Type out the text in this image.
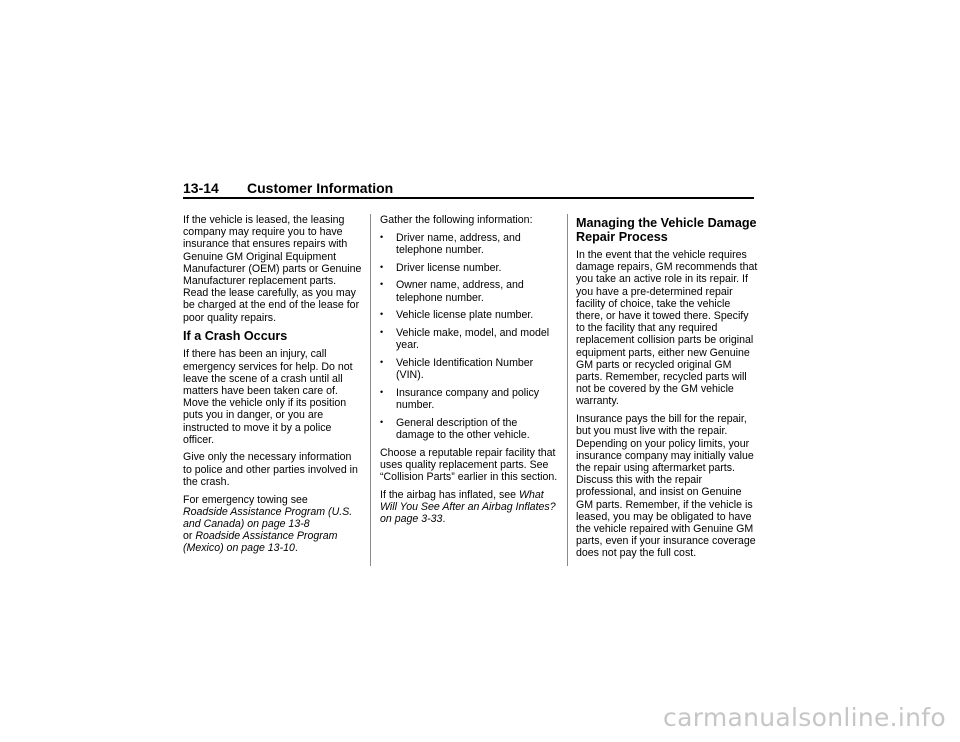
13-14 Customer Information

If the vehicle is leased, the leasing company may require you to have insurance that ensures repairs with Genuine GM Original Equipment Manufacturer (OEM) parts or Genuine Manufacturer replacement parts. Read the lease carefully, as you may be charged at the end of the lease for poor quality repairs.

If a Crash Occurs

If there has been an injury, call emergency services for help. Do not leave the scene of a crash until all matters have been taken care of. Move the vehicle only if its position puts you in danger, or you are instructed to move it by a police officer.

Give only the necessary information to police and other parties involved in the crash.

For emergency towing see
Roadside Assistance Program (U.S. and Canada) on page 13-8
or Roadside Assistance Program (Mexico) on page 13-10.

Gather the following information:

• Driver name, address, and telephone number.
• Driver license number.
• Owner name, address, and telephone number.
• Vehicle license plate number.
• Vehicle make, model, and model year.
• Vehicle Identification Number (VIN).
• Insurance company and policy number.
• General description of the damage to the other vehicle.

Choose a reputable repair facility that uses quality replacement parts. See “Collision Parts” earlier in this section.

If the airbag has inflated, see What Will You See After an Airbag Inflates? on page 3-33.

Managing the Vehicle Damage Repair Process

In the event that the vehicle requires damage repairs, GM recommends that you take an active role in its repair. If you have a pre-determined repair facility of choice, take the vehicle there, or have it towed there. Specify to the facility that any required replacement collision parts be original equipment parts, either new Genuine GM parts or recycled original GM parts. Remember, recycled parts will not be covered by the GM vehicle warranty.

Insurance pays the bill for the repair, but you must live with the repair. Depending on your policy limits, your insurance company may initially value the repair using aftermarket parts. Discuss this with the repair professional, and insist on Genuine GM parts. Remember, if the vehicle is leased, you may be obligated to have the vehicle repaired with Genuine GM parts, even if your insurance coverage does not pay the full cost.

carmanualsonline.info
